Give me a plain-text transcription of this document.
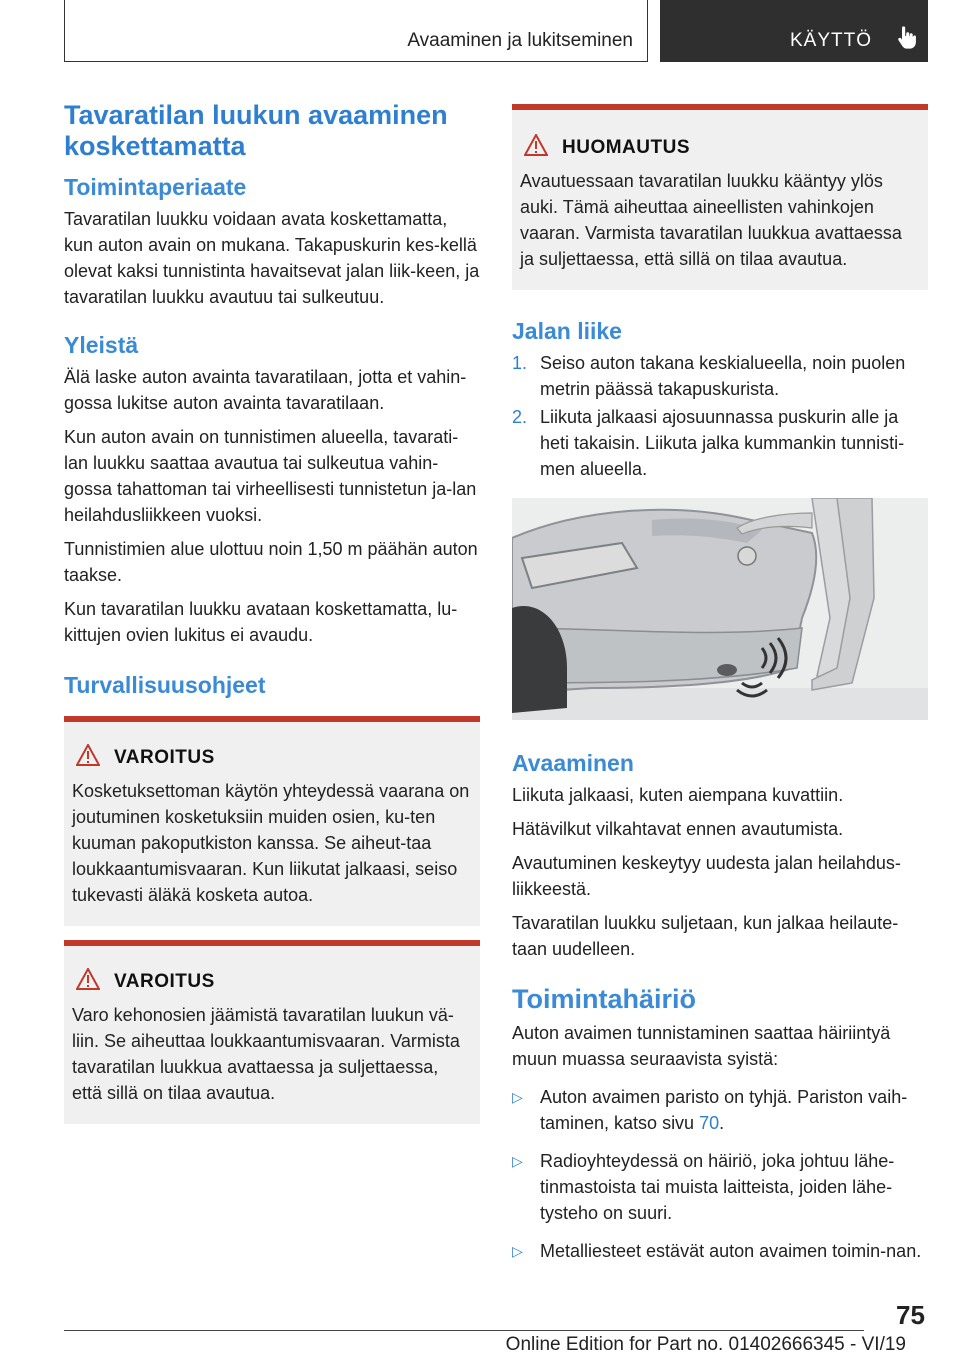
Avaaminen ja lukitseminen	KÄYTTÖ
Tavaratilan luukun avaaminen koskettamatta
Toimintaperiaate

Tavaratilan luukku voidaan avata koskettamatta, kun auton avain on mukana. Takapuskurin kes-kellä olevat kaksi tunnistinta havaitsevat jalan liik-keen, ja tavaratilan luukku avautuu tai sulkeutuu.

Yleistä

Älä laske auton avainta tavaratilaan, jotta et vahin-gossa lukitse auton avainta tavaratilaan.

Kun auton avain on tunnistimen alueella, tavarati-lan luukku saattaa avautua tai sulkeutua vahin-gossa tahattoman tai virheellisesti tunnistetun ja-lan heilahdusliikkeen vuoksi.

Tunnistimien alue ulottuu noin 1,50 m päähän auton taakse.

Kun tavaratilan luukku avataan koskettamatta, lu-kittujen ovien lukitus ei avaudu.

Turvallisuusohjeet
VAROITUS

Kosketuksettoman käytön yhteydessä vaarana on joutuminen kosketuksiin muiden osien, ku-ten kuuman pakoputkiston kanssa. Se aiheut-taa loukkaantumisvaaran. Kun liikutat jalkaasi, seiso tukevasti äläkä kosketa autoa.

VAROITUS

Varo kehonosien jäämistä tavaratilan luukun vä-liin. Se aiheuttaa loukkaantumisvaaran. Varmista tavaratilan luukkua avattaessa ja suljettaessa, että sillä on tilaa avautua.

HUOMAUTUS

Avautuessaan tavaratilan luukku kääntyy ylös auki. Tämä aiheuttaa aineellisten vahinkojen vaaran. Varmista tavaratilan luukkua avattaessa ja suljettaessa, että sillä on tilaa avautua.

Jalan liike
1. Seiso auton takana keskialueella, noin puolen metrin päässä takapuskurista.
2. Liikuta jalkaasi ajosuunnassa puskurin alle ja heti takaisin. Liikuta jalka kummankin tunnisti-men alueella.
Avaaminen

Liikuta jalkaasi, kuten aiempana kuvattiin.

Hätävilkut vilkahtavat ennen avautumista.

Avautuminen keskeytyy uudesta jalan heilahdus-liikkeestä.

Tavaratilan luukku suljetaan, kun jalkaa heilaute-taan uudelleen.

Toimintahäiriö

Auton avaimen tunnistaminen saattaa häiriintyä muun muassa seuraavista syistä:

▷ Auton avaimen paristo on tyhjä. Pariston vaih-taminen, katso sivu 70.
▷ Radioyhteydessä on häiriö, joka johtuu lähe-tinmastoista tai muista laitteista, joiden lähe-tysteho on suuri.
▷ Metalliesteet estävät auton avaimen toimin-nan.
75
Online Edition for Part no. 01402666345 - VI/19
